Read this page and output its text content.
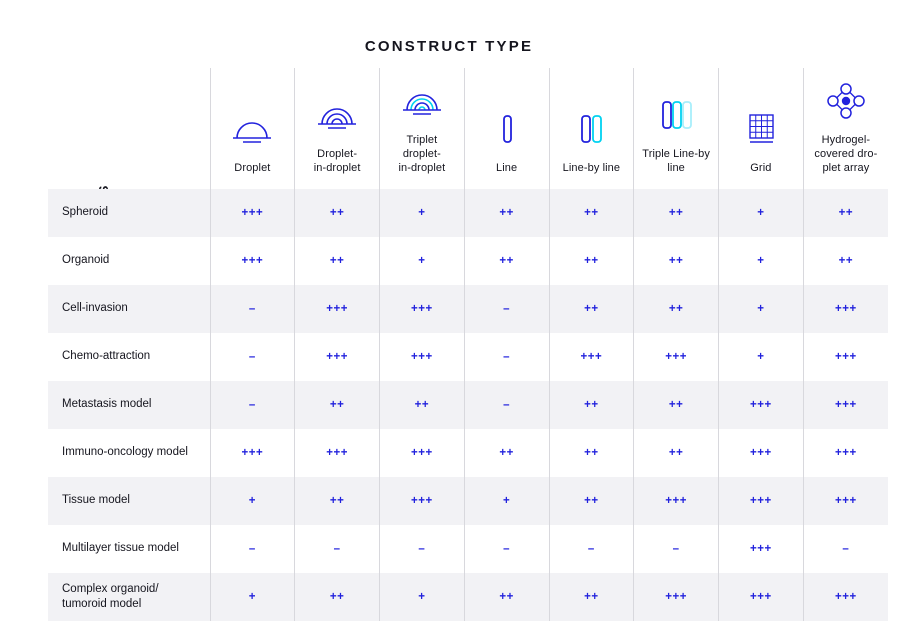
CONSTRUCT TYPE

	Droplet	Droplet-
in-droplet	Triplet
droplet-
in-droplet	Line	Line-by line	Triple Line-by
line	Grid	Hydrogel-
covered dro-
plet array

Spheroid	+++	++	+	++	++	++	+	++
Organoid	+++	++	+	++	++	++	+	++
Cell-invasion	–	+++	+++	–	++	++	+	+++
Chemo-attraction	–	+++	+++	–	+++	+++	+	+++
Metastasis model	–	++	++	–	++	++	+++	+++
Immuno-oncology model	+++	+++	+++	++	++	++	+++	+++
Tissue model	+	++	+++	+	++	+++	+++	+++
Multilayer tissue model	–	–	–	–	–	–	+++	–
Complex organoid/ tumoroid model	+	++	+	++	++	+++	+++	+++
